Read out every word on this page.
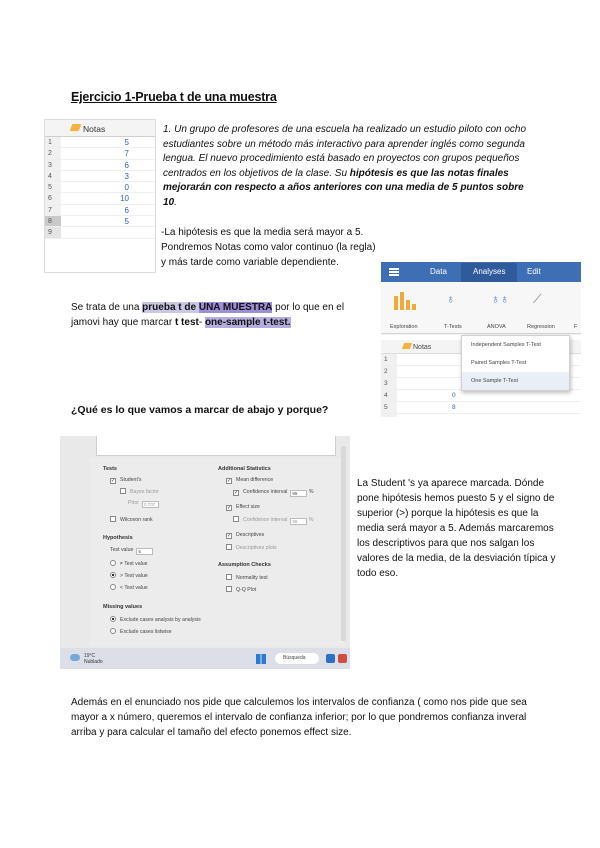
Ejercicio 1-Prueba t de una muestra
Notas
1	5
2	7
3	6
4	3
5	0
6	10
7	6
8	5
9

1. Un grupo de profesores de una escuela ha realizado un estudio piloto con ocho estudiantes sobre un método más interactivo para aprender inglés como segunda lengua. El nuevo procedimiento está basado en proyectos con grupos pequeños centrados en los objetivos de la clase. Su hipótesis es que las notas finales mejorarán con respecto a años anteriores con una media de 5 puntos sobre 10.

-La hipótesis es que la media será mayor a 5. Pondremos Notas como valor continuo (la regla) y más tarde como variable dependiente.

Se trata de una prueba t de UNA MUESTRA por lo que en el jamovi hay que marcar t test- one-sample t-test.

Data	Analyses	Edit
♁	♁♁ ⟋
Exploration	T-Tests	ANOVA	Regression	F
Notas
1
2
3
4	0
5	8
Independent Samples T-Test
Paired Samples T-Test
One Sample T-Test
¿Qué es lo que vamos a marcar de abajo y porque?
Tests
✓ Student's
Bayes factor
Prior 0.707
Wilcoxon rank
Hypothesis
Test value 5
≠ Test value
> Test value
< Test value
Missing values
Exclude cases analysis by analysis
Exclude cases listwise
Additional Statistics
✓ Mean difference
✓ Confidence interval 95 %
✓ Effect size
Confidence interval 95 %
✓ Descriptives
Descriptives plots
Assumption Checks
Normality test
Q-Q Plot
19°C
Nublado
Búsqueda

La Student 's ya aparece marcada. Dónde pone hipótesis hemos puesto 5 y el signo de superior (>) porque la hipótesis es que la media será mayor a 5. Además marcaremos los descriptivos para que nos salgan los valores de la media, de la desviación típica y todo eso.

Además en el enunciado nos pide que calculemos los intervalos de confianza ( como nos pide que sea mayor a x número, queremos el intervalo de confianza inferior; por lo que pondremos confianza inveral arriba y para calcular el tamaño del efecto ponemos effect size.
